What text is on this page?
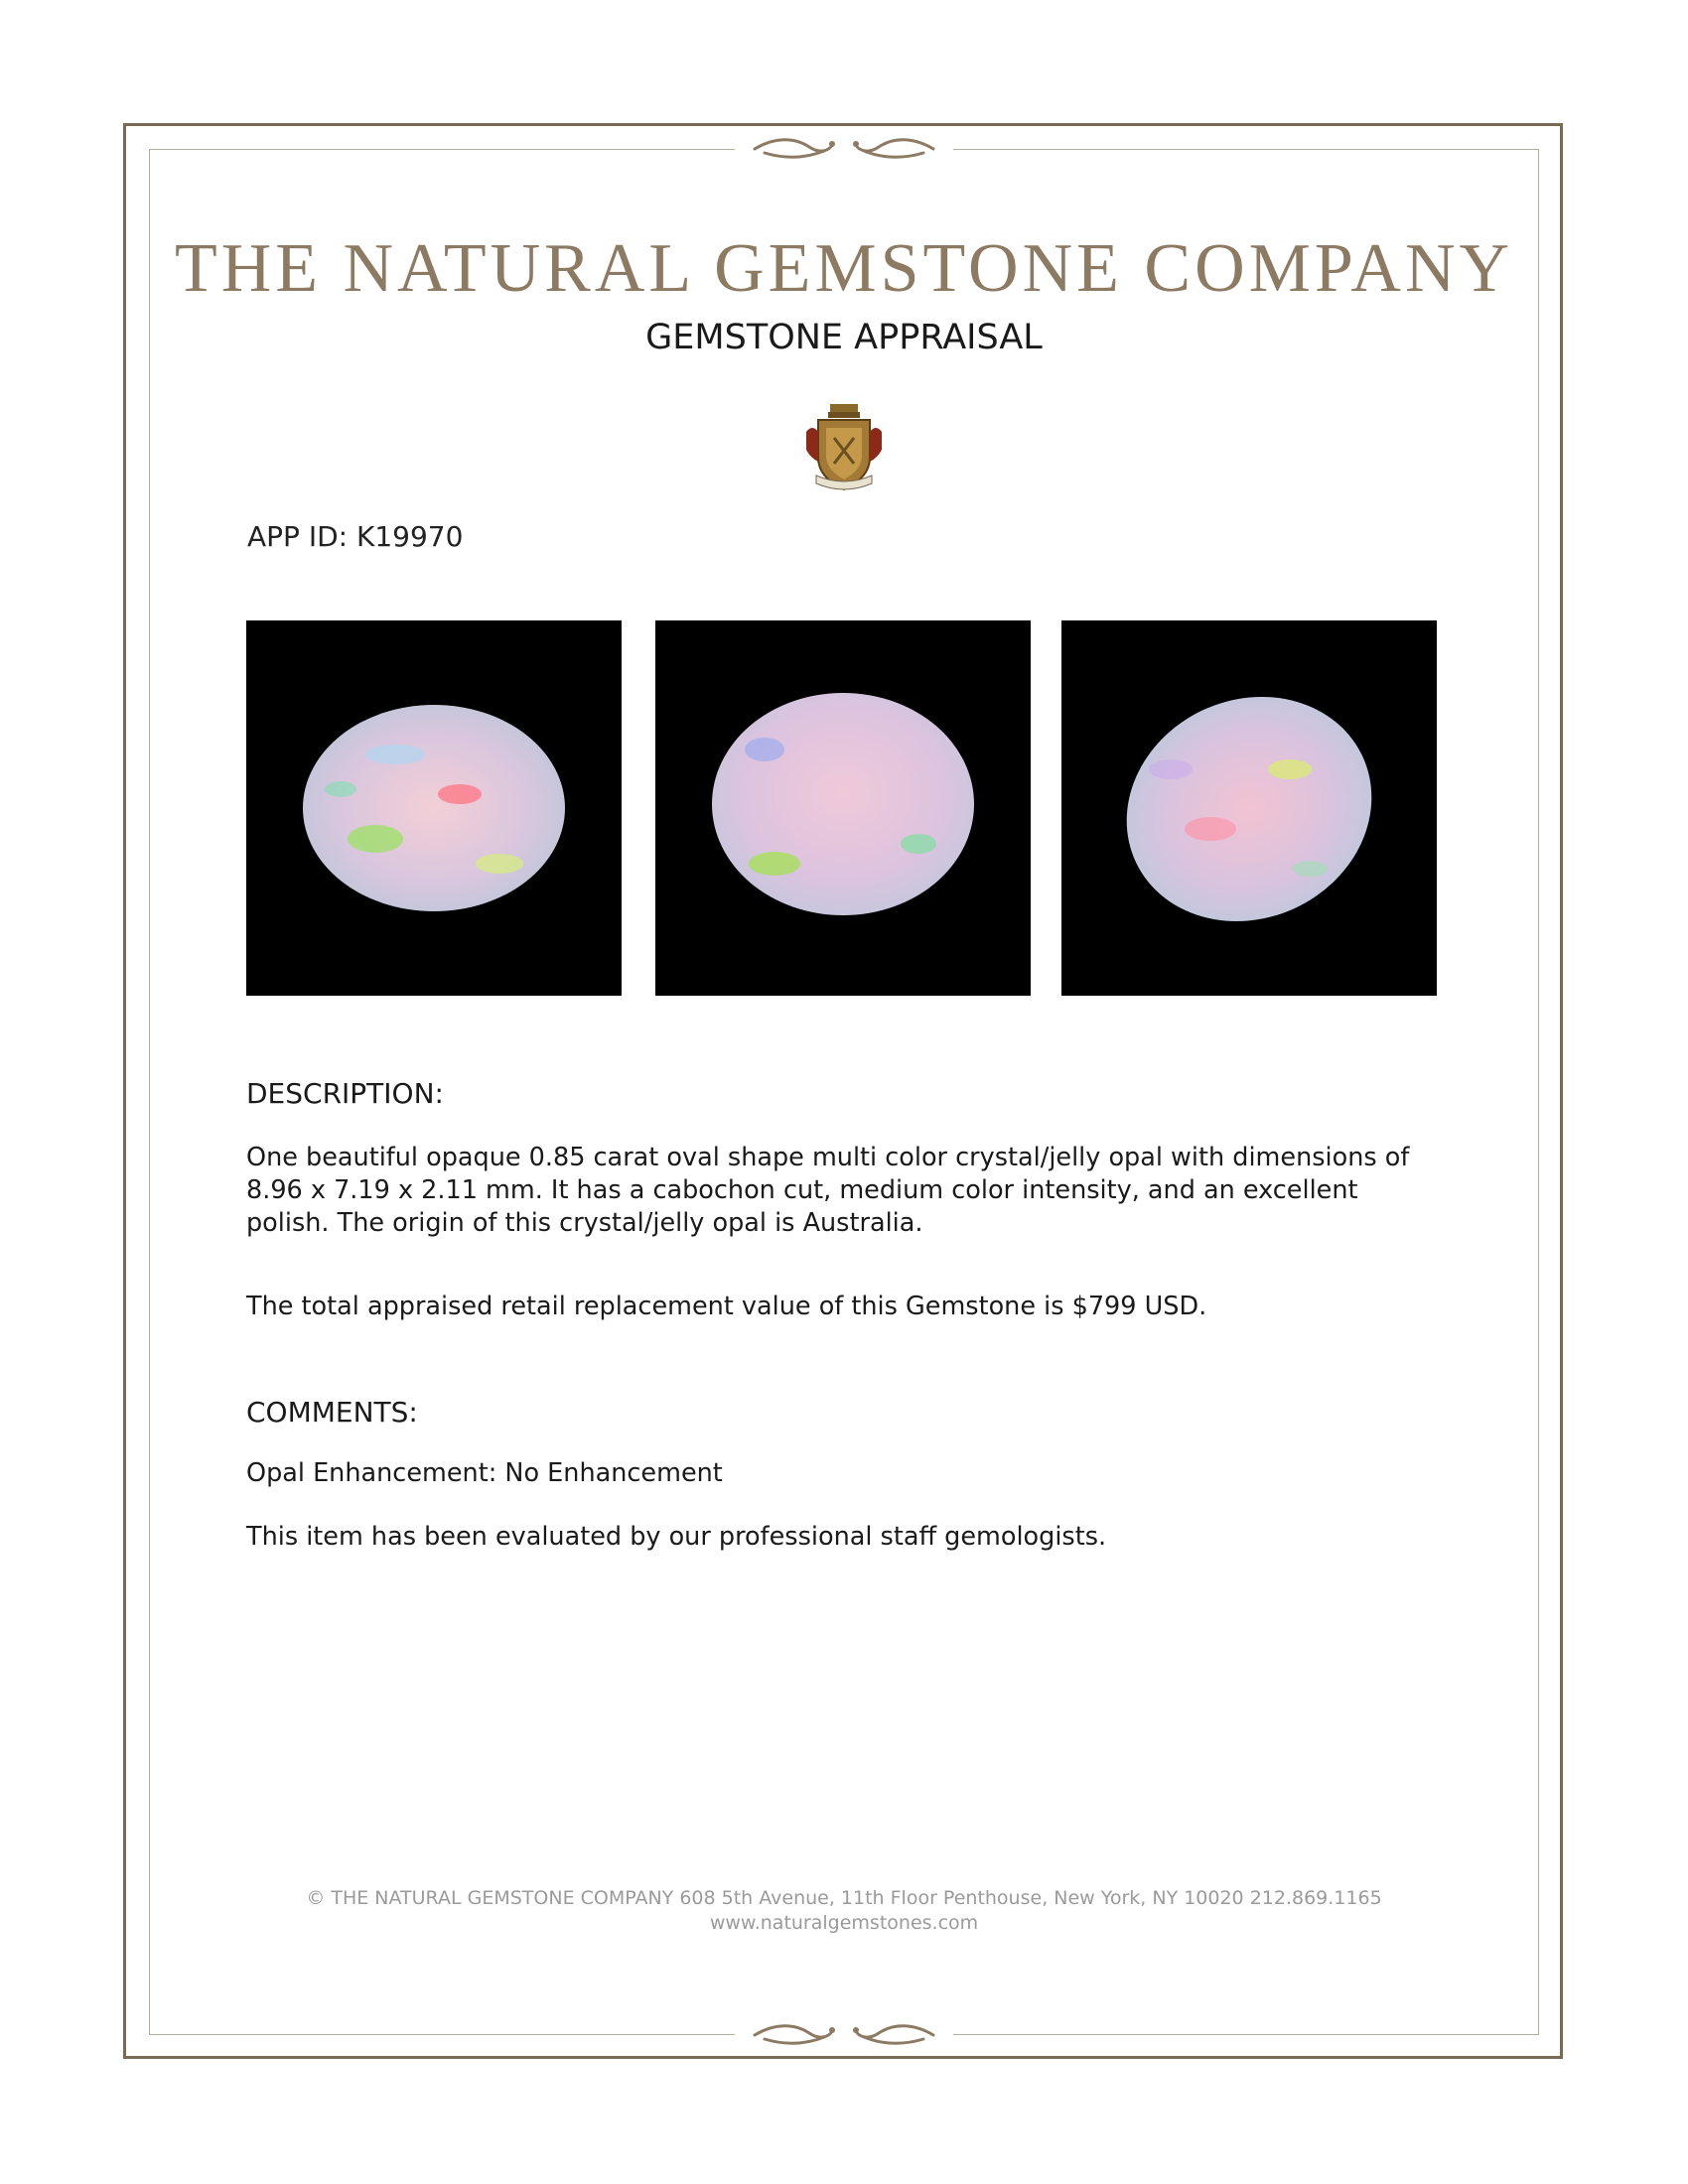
THE NATURAL GEMSTONE COMPANY
GEMSTONE APPRAISAL
APP ID: K19970
DESCRIPTION:
One beautiful opaque 0.85 carat oval shape multi color crystal/jelly opal with dimensions of 8.96 x 7.19 x 2.11 mm. It has a cabochon cut, medium color intensity, and an excellent polish. The origin of this crystal/jelly opal is Australia.
The total appraised retail replacement value of this Gemstone is $799 USD.
COMMENTS:
Opal Enhancement: No Enhancement
This item has been evaluated by our professional staff gemologists.
© THE NATURAL GEMSTONE COMPANY 608 5th Avenue, 11th Floor Penthouse, New York, NY 10020 212.869.1165
www.naturalgemstones.com
